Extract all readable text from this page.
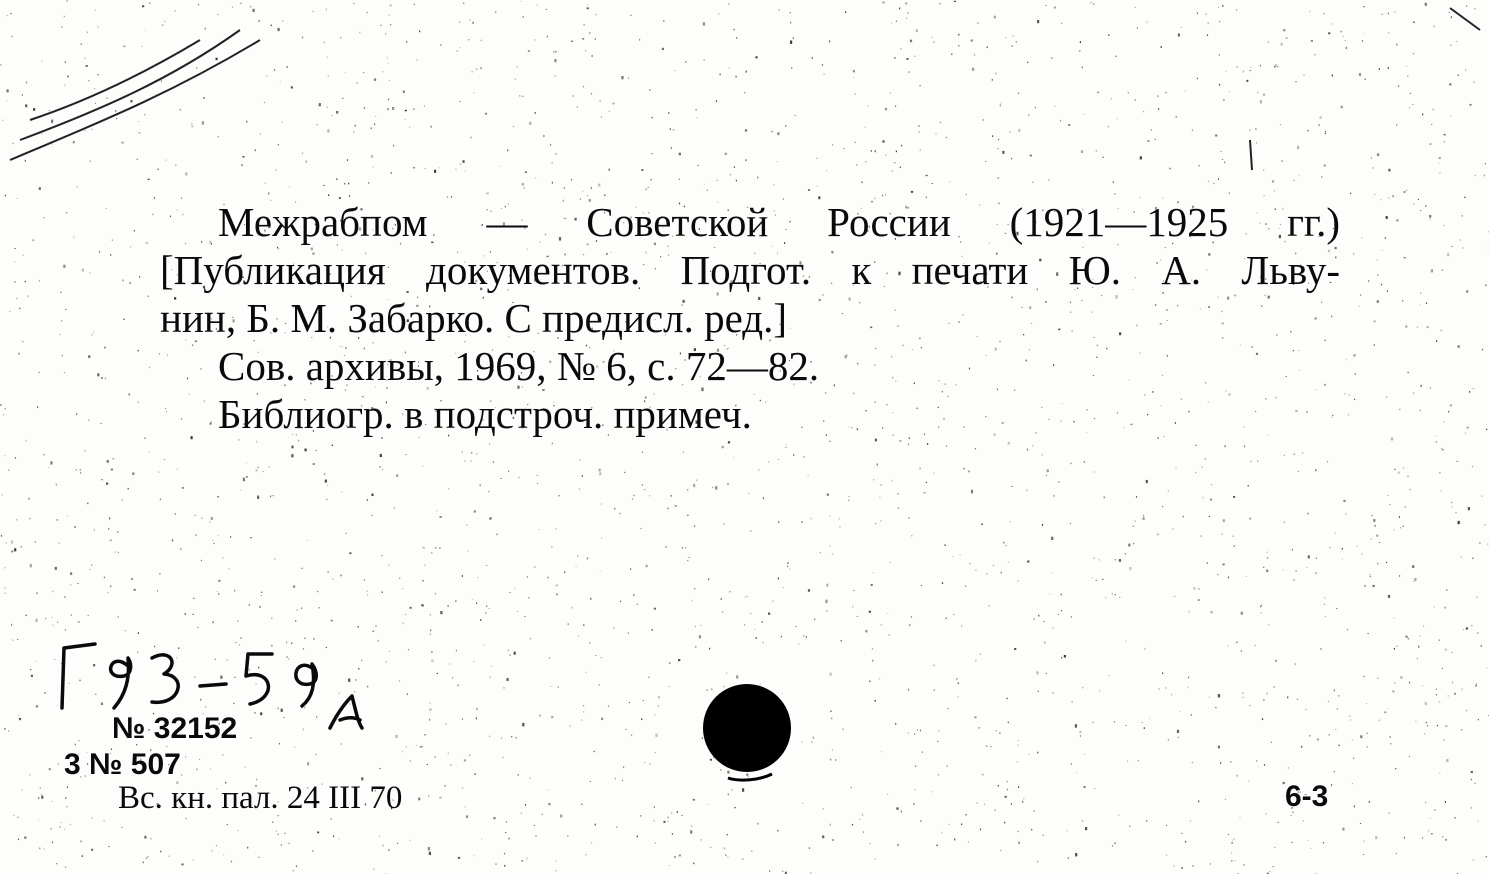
Межрабпом — Советской России (1921—1925 гг.)
[Публикация документов. Подгот. к печати Ю. А. Льву-
нин, Б. М. Забарко. С предисл. ред.]
Сов. архивы, 1969, № 6, с. 72—82.
Библиогр. в подстроч. примеч.
№ 32152
3 № 507
Вс. кн. пал. 24 III 70	6-3
